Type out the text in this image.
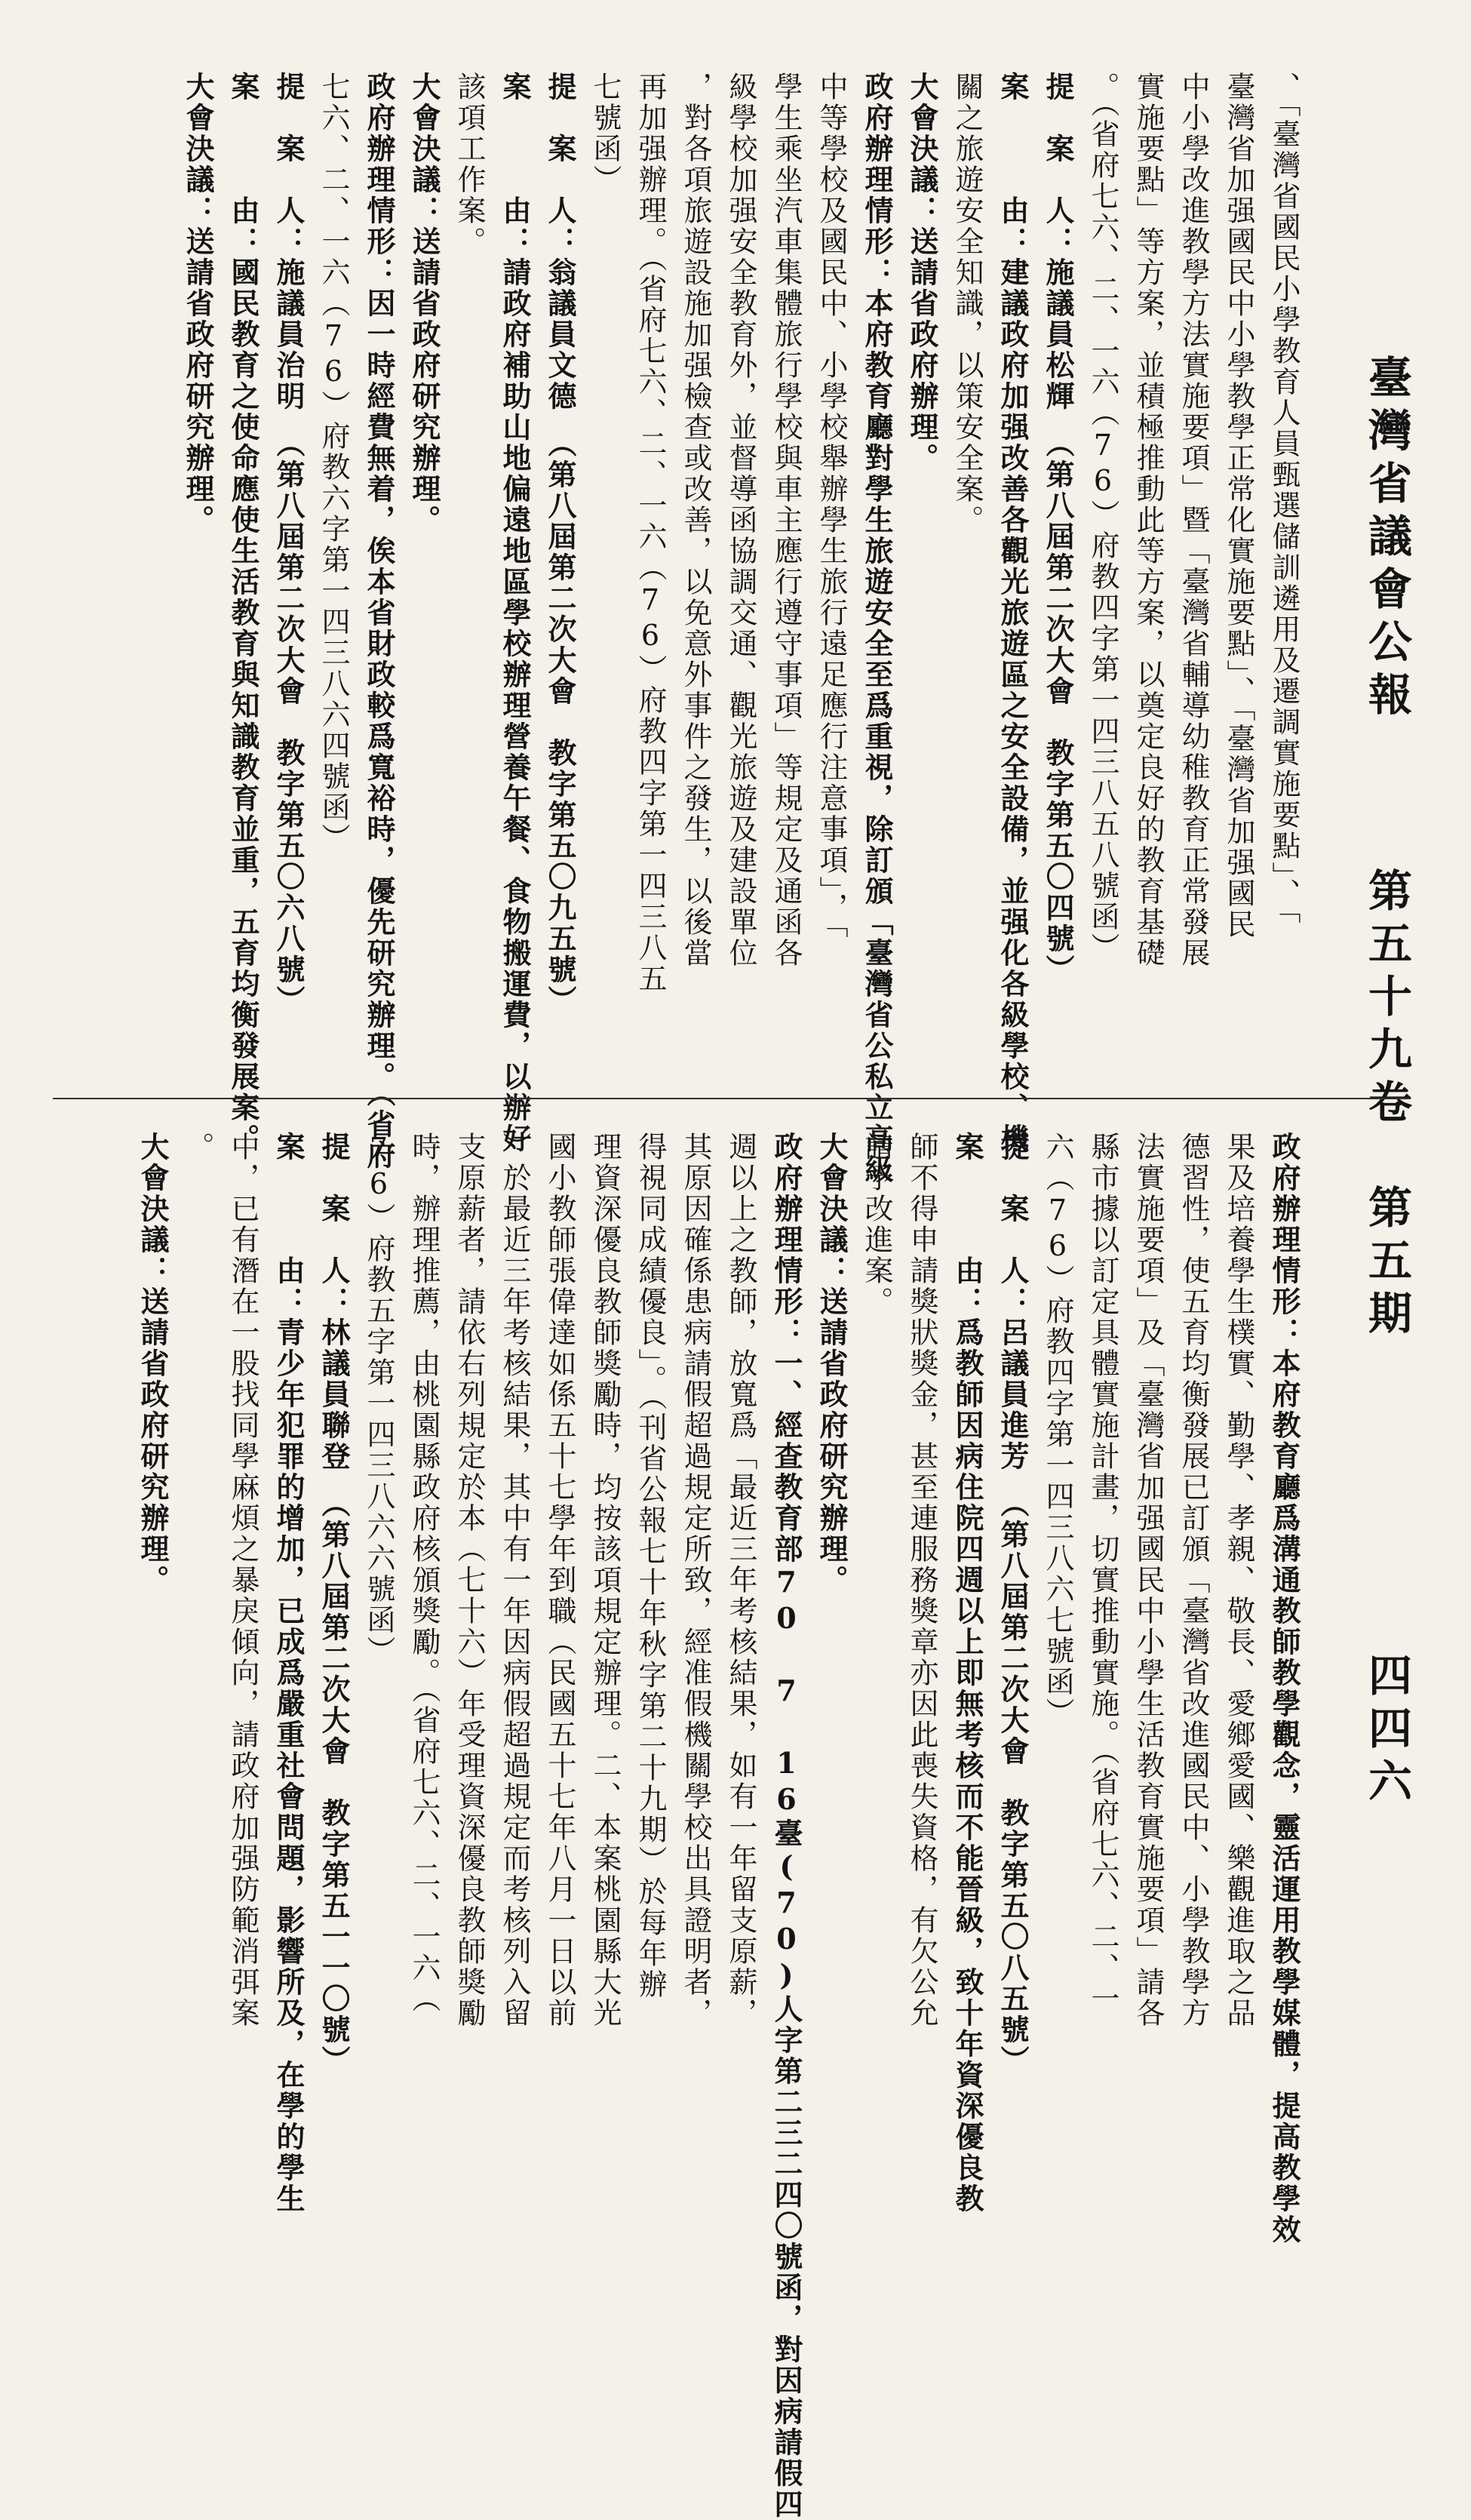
臺灣省議會公報
第五十九卷
第五期
四四六
、「臺灣省國民小學教育人員甄選儲訓遴用及遷調實施要點」、「
臺灣省加强國民中小學教學正常化實施要點」、「臺灣省加强國民
中小學改進教學方法實施要項」暨「臺灣省輔導幼稚教育正常發展
實施要點」等方案，並積極推動此等方案，以奠定良好的教育基礎
。（省府七六、二、一六（76）府教四字第一四三八五八號函）
提　案　人：施議員松輝　（第八屆第二次大會　教字第五〇四號）
案　　　由：建議政府加强改善各觀光旅遊區之安全設備，並强化各級學校、機
關之旅遊安全知識，以策安全案。
大會決議：送請省政府辦理。
政府辦理情形：本府教育廳對學生旅遊安全至爲重視，除訂頒「臺灣省公私立高級
中等學校及國民中、小學校舉辦學生旅行遠足應行注意事項」，「
學生乘坐汽車集體旅行學校與車主應行遵守事項」等規定及通函各
級學校加强安全教育外，並督導函協調交通、觀光旅遊及建設單位
，對各項旅遊設施加强檢查或改善，以免意外事件之發生，以後當
再加强辦理。（省府七六、二、一六（76）府教四字第一四三八五
七號函）
提　案　人：翁議員文德　（第八屆第二次大會　教字第五〇九五號）
案　　　由：請政府補助山地偏遠地區學校辦理營養午餐、食物搬運費，以辦好
該項工作案。
大會決議：送請省政府研究辦理。
政府辦理情形：因一時經費無着，俟本省財政較爲寬裕時，優先研究辦理。（省府
七六、二、一六（76）府教六字第一四三八六四號函）
提　案　人：施議員治明　（第八屆第二次大會　教字第五〇六八號）
案　　　由：國民教育之使命應使生活教育與知識教育並重，五育均衡發展案。
大會決議：送請省政府研究辦理。
政府辦理情形：本府教育廳爲溝通教師教學觀念，靈活運用教學媒體，提高教學效
果及培養學生樸實、勤學、孝親、敬長、愛鄉愛國、樂觀進取之品
德習性，使五育均衡發展已訂頒「臺灣省改進國民中、小學教學方
法實施要項」及「臺灣省加强國民中小學生活教育實施要項」請各
縣市據以訂定具體實施計畫，切實推動實施。（省府七六、二、一
六（76）府教四字第一四三八六七號函）
提　案　人：呂議員進芳　（第八屆第二次大會　教字第五〇八五號）
案　　　由：爲教師因病住院四週以上即無考核而不能晉級，致十年資深優良教
師不得申請獎狀獎金，甚至連服務獎章亦因此喪失資格，有欠公允
請予改進案。
大會決議：送請省政府研究辦理。
政府辦理情形：一、經查教育部70 7 16臺(70)人字第二三二四〇號函，對因病請假四
週以上之教師，放寬爲「最近三年考核結果，如有一年留支原薪，
其原因確係患病請假超過規定所致，經准假機關學校出具證明者，
得視同成績優良」。（刊省公報七十年秋字第二十九期）於每年辦
理資深優良教師獎勵時，均按該項規定辦理。二、本案桃園縣大光
國小教師張偉達如係五十七學年到職（民國五十七年八月一日以前
）於最近三年考核結果，其中有一年因病假超過規定而考核列入留
支原薪者，請依右列規定於本（七十六）年受理資深優良教師獎勵
時，辦理推薦，由桃園縣政府核頒獎勵。（省府七六、二、一六（
76）府教五字第一四三八六六號函）
提　案　人：林議員聯登　（第八屆第二次大會　教字第五一一〇號）
案　　　由：青少年犯罪的增加，已成爲嚴重社會問題，影響所及，在學的學生
中，已有潛在一股找同學麻煩之暴戾傾向，請政府加强防範消弭案
。
大會決議：送請省政府研究辦理。
